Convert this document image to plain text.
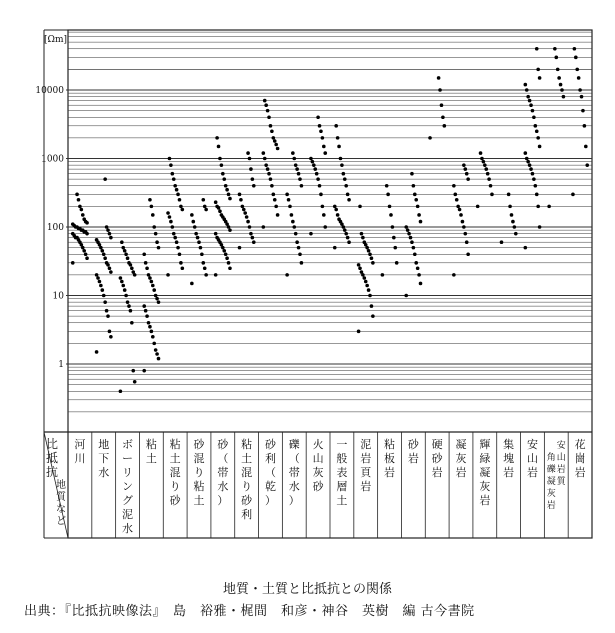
10000
1000
100
10
1
比
抵
抗
地
質
な
ど
河
川
地
下
水
ボ
ー
リ
ン
グ
泥
水
粘
土
粘
土
混
り
砂
砂
混
り
粘
土
砂
（
帯
水
）
粘
土
混
り
砂
利
砂
利
（
乾
）
礫
（
帯
水
）
火
山
灰
砂
一
般
表
層
土
泥
岩
頁
岩
粘
板
岩
砂
岩
硬
砂
岩
凝
灰
岩
輝
緑
凝
灰
岩
集
塊
岩
安
山
岩
安
山
岩
質
角
礫
凝
灰
岩
花
崗
岩
[Ωm]
地質・土質と比抵抗との関係
出典：『比抵抗映像法』　島　裕雅・梶間　和彦・神谷　英樹　編 古今書院
